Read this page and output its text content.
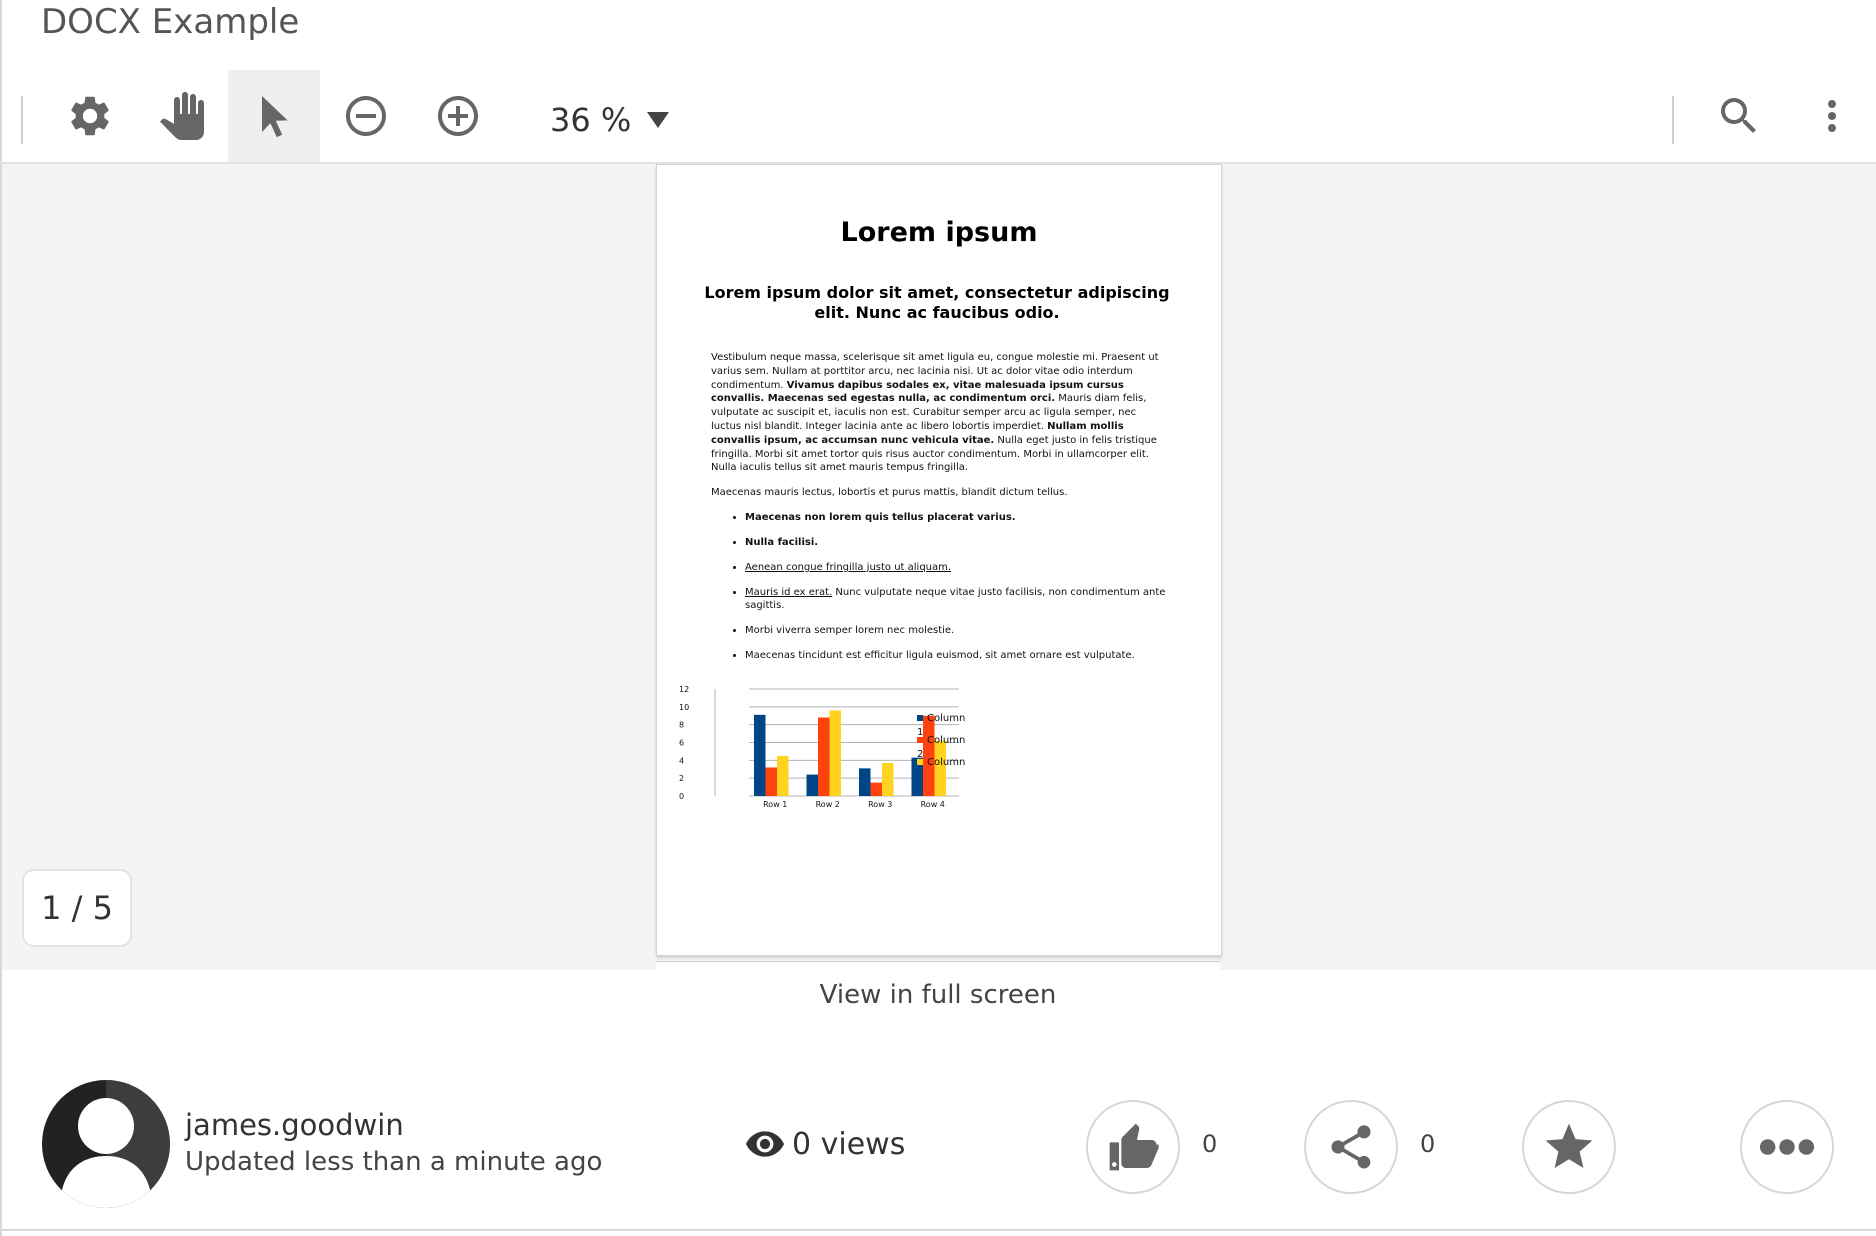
DOCX Example
36 %
Lorem ipsum
Lorem ipsum dolor sit amet, consectetur adipiscing elit. Nunc ac faucibus odio.

Vestibulum neque massa, scelerisque sit amet ligula eu, congue molestie mi. Praesent ut varius sem. Nullam at porttitor arcu, nec lacinia nisi. Ut ac dolor vitae odio interdum condimentum. Vivamus dapibus sodales ex, vitae malesuada ipsum cursus convallis. Maecenas sed egestas nulla, ac condimentum orci. Mauris diam felis, vulputate ac suscipit et, iaculis non est. Curabitur semper arcu ac ligula semper, nec luctus nisl blandit. Integer lacinia ante ac libero lobortis imperdiet. Nullam mollis convallis ipsum, ac accumsan nunc vehicula vitae. Nulla eget justo in felis tristique fringilla. Morbi sit amet tortor quis risus auctor condimentum. Morbi in ullamcorper elit. Nulla iaculis tellus sit amet mauris tempus fringilla.

Maecenas mauris lectus, lobortis et purus mattis, blandit dictum tellus.

• Maecenas non lorem quis tellus placerat varius.
• Nulla facilisi.
• Aenean congue fringilla justo ut aliquam.
• Mauris id ex erat. Nunc vulputate neque vitae justo facilisis, non condimentum ante sagittis.
• Morbi viverra semper lorem nec molestie.
• Maecenas tincidunt est efficitur ligula euismod, sit amet ornare est vulputate.
0
2
4
6
8
10
12
Row 1	Row 2	Row 3	Row 4
Column
Column
Column
1
2
1 / 5
View in full screen
james.goodwin
Updated less than a minute ago
0 views	0	0
